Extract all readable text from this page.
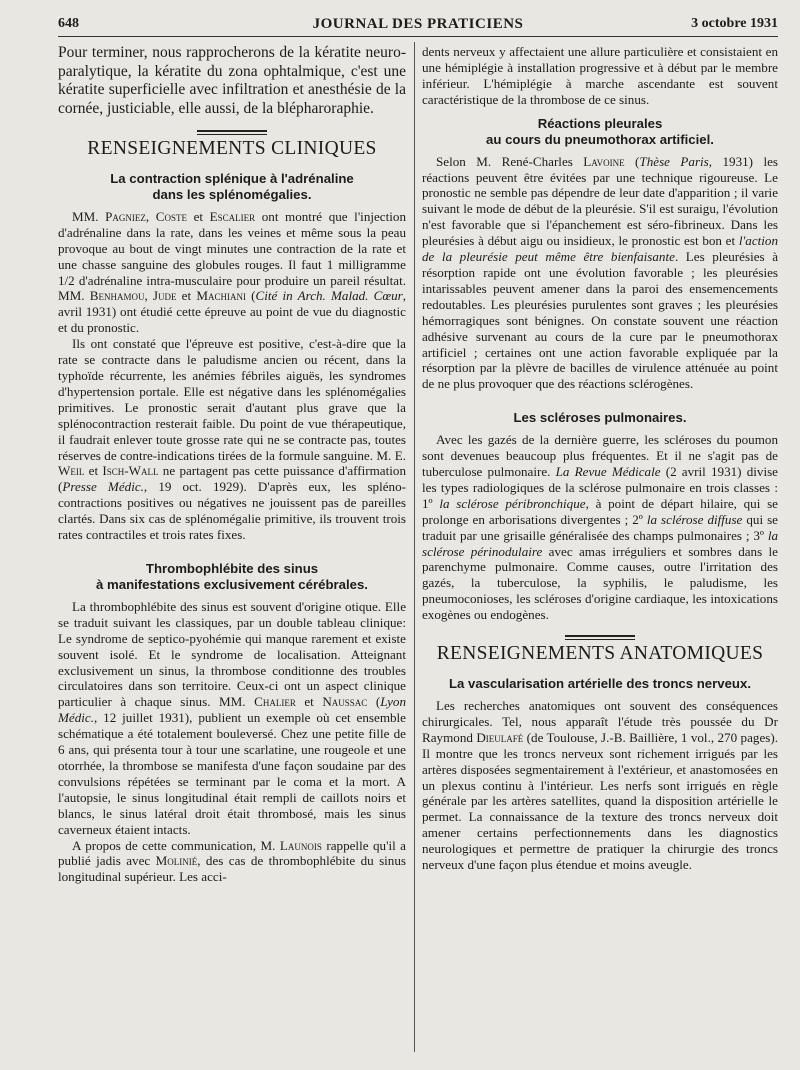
648	JOURNAL DES PRATICIENS	3 octobre 1931

Pour terminer, nous rapprocherons de la kératite neuro-paralytique, la kératite du zona ophtalmique, c'est une kératite superficielle avec infiltration et anesthésie de la cornée, justiciable, elle aussi, de la blépharoraphie.

RENSEIGNEMENTS CLINIQUES
La contraction splénique à l'adrénaline
dans les splénomégalies.

MM. Pagniez, Coste et Escalier ont montré que l'injection d'adrénaline dans la rate, dans les veines et même sous la peau provoque au bout de vingt minutes une contraction de la rate et une chasse sanguine des globules rouges. Il faut 1 milligramme 1/2 d'adrénaline intra-musculaire pour produire un pareil résultat. MM. Benhamou, Jude et Machiani (Cité in Arch. Malad. Cœur, avril 1931) ont étudié cette épreuve au point de vue du diagnostic et du pronostic.

Ils ont constaté que l'épreuve est positive, c'est-à-dire que la rate se contracte dans le paludisme ancien ou récent, dans la typhoïde récurrente, les anémies fébriles aiguës, les syndromes d'hypertension portale. Elle est négative dans les splénomégalies primitives. Le pronostic serait d'autant plus grave que la splénocontraction resterait faible. Du point de vue thérapeutique, il faudrait enlever toute grosse rate qui ne se contracte pas, toutes réserves de contre-indications tirées de la formule sanguine. M. E. Weil et Isch-Wall ne partagent pas cette puissance d'affirmation (Presse Médic., 19 oct. 1929). D'après eux, les spléno-contractions positives ou négatives ne jouissent pas de pareilles clartés. Dans six cas de splénomégalie primitive, ils trouvent trois rates contractiles et trois rates fixes.

Thrombophlébite des sinus
à manifestations exclusivement cérébrales.

La thrombophlébite des sinus est souvent d'origine otique. Elle se traduit suivant les classiques, par un double tableau clinique: Le syndrome de septico-pyohémie qui manque rarement et existe souvent isolé. Et le syndrome de localisation. Atteignant exclusivement un sinus, la thrombose conditionne des troubles circulatoires dans son territoire. Ceux-ci ont un aspect clinique particulier à chaque sinus. MM. Chalier et Naussac (Lyon Médic., 12 juillet 1931), publient un exemple où cet ensemble schématique a été totalement bouleversé. Chez une petite fille de 6 ans, qui présenta tour à tour une scarlatine, une rougeole et une otorrhée, la thrombose se manifesta d'une façon soudaine par des convulsions répétées se terminant par le coma et la mort. A l'autopsie, le sinus longitudinal était rempli de caillots noirs et blancs, le sinus latéral droit était thrombosé, mais les sinus caverneux étaient intacts.

A propos de cette communication, M. Launois rappelle qu'il a publié jadis avec Molinié, des cas de thrombophlébite du sinus longitudinal supérieur. Les acci-

dents nerveux y affectaient une allure particulière et consistaient en une hémiplégie à installation progressive et à début par le membre inférieur. L'hémiplégie à marche ascendante est souvent caractéristique de la thrombose de ce sinus.

Réactions pleurales
au cours du pneumothorax artificiel.

Selon M. René-Charles Lavoine (Thèse Paris, 1931) les réactions peuvent être évitées par une technique rigoureuse. Le pronostic ne semble pas dépendre de leur date d'apparition ; il varie suivant le mode de début de la pleurésie. S'il est suraigu, l'évolution n'est favorable que si l'épanchement est séro-fibrineux. Dans les pleurésies à début aigu ou insidieux, le pronostic est bon et l'action de la pleurésie peut même être bienfaisante. Les pleurésies à résorption rapide ont une évolution favorable ; les pleurésies intarissables peuvent amener dans la paroi des ensemencements redoutables. Les pleurésies purulentes sont graves ; les pleurésies hémorragiques sont bénignes. On constate souvent une réaction adhésive survenant au cours de la cure par le pneumothorax artificiel ; certaines ont une action favorable expliquée par la résorption par la plèvre de bacilles de virulence atténuée au point de ne plus provoquer que des réactions sclérogènes.

Les scléroses pulmonaires.

Avec les gazés de la dernière guerre, les scléroses du poumon sont devenues beaucoup plus fréquentes. Et il ne s'agit pas de tuberculose pulmonaire. La Revue Médicale (2 avril 1931) divise les types radiologiques de la sclérose pulmonaire en trois classes : 1º la sclérose péribronchique, à point de départ hilaire, qui se prolonge en arborisations divergentes ; 2º la sclérose diffuse qui se traduit par une grisaille généralisée des champs pulmonaires ; 3º la sclérose périnodulaire avec amas irréguliers et sombres dans le parenchyme pulmonaire. Comme causes, outre l'irritation des gazés, la tuberculose, la syphilis, le paludisme, les pneumoconioses, les scléroses d'origine cardiaque, les intoxications exogènes ou endogènes.

RENSEIGNEMENTS ANATOMIQUES
La vascularisation artérielle des troncs nerveux.

Les recherches anatomiques ont souvent des conséquences chirurgicales. Tel, nous apparaît l'étude très poussée du Dr Raymond Dieulafé (de Toulouse, J.-B. Baillière, 1 vol., 270 pages). Il montre que les troncs nerveux sont richement irrigués par les artères disposées segmentairement à l'extérieur, et anastomosées en un plexus continu à l'intérieur. Les nerfs sont irrigués en règle générale par les artères satellites, quand la disposition artérielle le permet. La connaissance de la texture des troncs nerveux doit amener certains perfectionnements dans les diagnostics neurologiques et permettre de pratiquer la chirurgie des troncs nerveux d'une façon plus étendue et moins aveugle.
